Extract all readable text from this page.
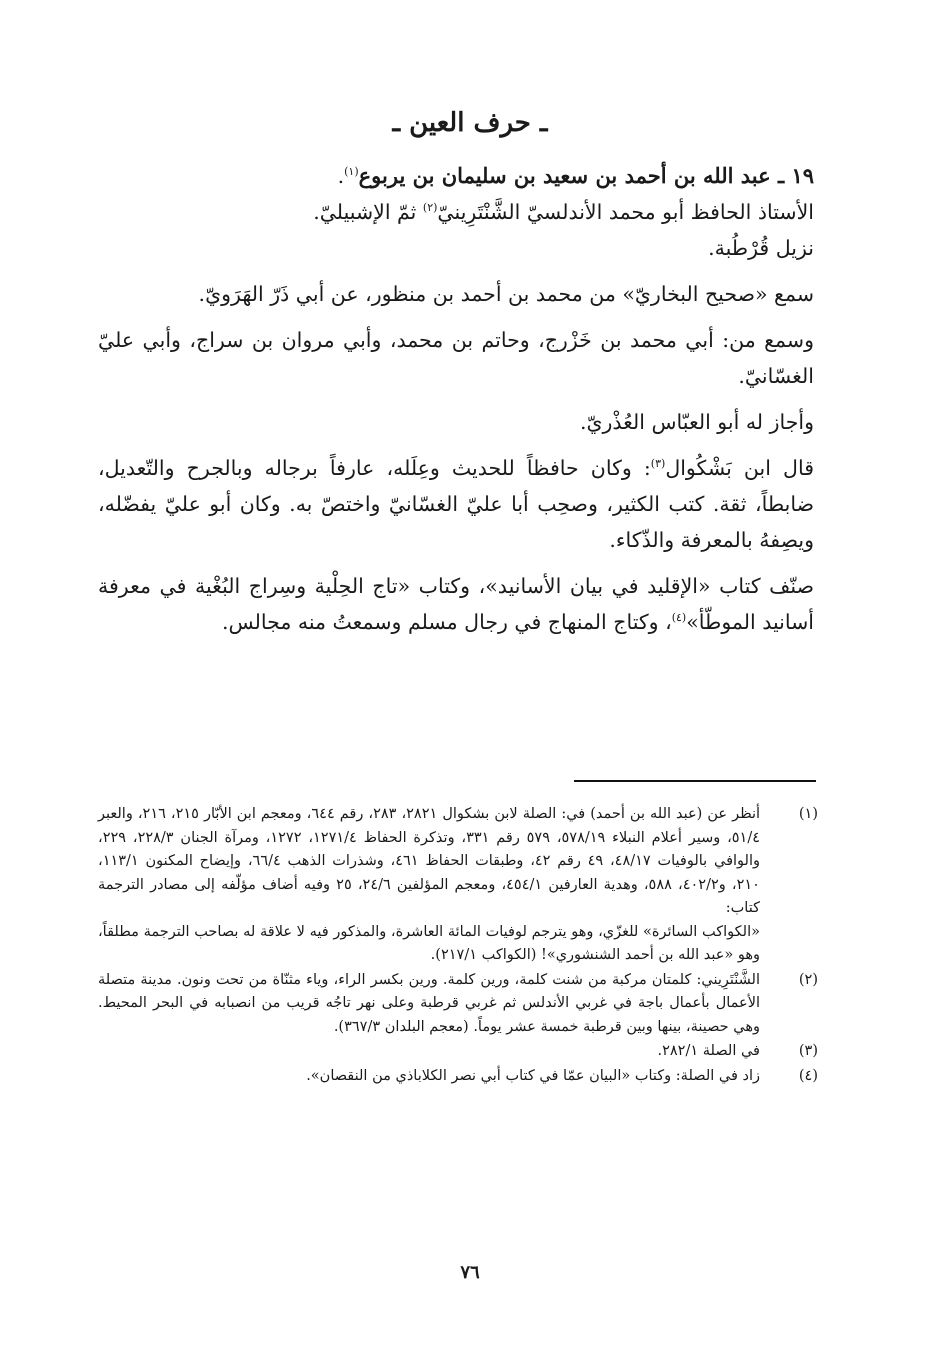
ـ حرف العين ـ

١٩ ـ عبد الله بن أحمد بن سعيد بن سليمان بن يربوع$^{(١)}$.

الأستاذ الحافظ أبو محمد الأندلسيّ الشَّنْتَرِينيّ$^{(٢)}$ ثمّ الإشبيليّ.

نزيل قُرْطُبة.

سمع «صحيح البخاريّ» من محمد بن أحمد بن منظور، عن أبي ذَرّ الهَرَويّ.

وسمع من: أبي محمد بن خَزْرج، وحاتم بن محمد، وأبي مروان بن سراج، وأبي عليّ الغسّانيّ.

وأجاز له أبو العبّاس العُذْريّ.

قال ابن بَشْكُوال$^{(٣)}$: وكان حافظاً للحديث وعِلَله، عارفاً برجاله وبالجرح والتّعديل، ضابطاً، ثقة. كتب الكثير، وصحِب أبا عليّ الغسّانيّ واختصّ به. وكان أبو عليّ يفضّله، ويصِفهُ بالمعرفة والذّكاء.

صنّف كتاب «الإقليد في بيان الأسانيد»، وكتاب «تاج الحِلْية وسِراج البُغْية في معرفة أسانيد الموطّأ»$^{(٤)}$، وكتاج المنهاج في رجال مسلم وسمعتُ منه مجالس.

(١)

أنظر عن (عبد الله بن أحمد) في: الصلة لابن بشكوال ٢٨٢١، ٢٨٣، رقم ٦٤٤، ومعجم ابن الأبّار ٢١٥، ٢١٦، والعبر ٥١/٤، وسير أعلام النبلاء ٥٧٨/١٩، ٥٧٩ رقم ٣٣١، وتذكرة الحفاظ ١٢٧١/٤، ١٢٧٢، ومرآة الجنان ٢٢٨/٣، ٢٢٩، والوافي بالوفيات ٤٨/١٧، ٤٩ رقم ٤٢، وطبقات الحفاظ ٤٦١، وشذرات الذهب ٦٦/٤، وإيضاح المكنون ١١٣/١، ٢١٠، و٤٠٢/٢، ٥٨٨، وهدية العارفين ٤٥٤/١، ومعجم المؤلفين ٢٤/٦، ٢٥ وفيه أضاف مؤلّفه إلى مصادر الترجمة كتاب:

«الكواكب السائرة» للغزّي، وهو يترجم لوفيات المائة العاشرة، والمذكور فيه لا علاقة له بصاحب الترجمة مطلقاً، وهو «عبد الله بن أحمد الشنشوري»! (الكواكب ٢١٧/١).

(٢)

الشَّنْتَرِيني: كلمتان مركبة من شنت كلمة، ورين كلمة. ورين بكسر الراء، وياء مثنّاة من تحت ونون. مدينة متصلة الأعمال بأعمال باجة في غربي الأندلس ثم غربي قرطبة وعلى نهر تاجُه قريب من انصبابه في البحر المحيط. وهي حصينة، بينها وبين قرطبة خمسة عشر يوماً. (معجم البلدان ٣٦٧/٣).

(٣)

في الصلة ٢٨٢/١.

(٤)

زاد في الصلة: وكتاب «البيان عمّا في كتاب أبي نصر الكلاباذي من النقصان».

٧٦
